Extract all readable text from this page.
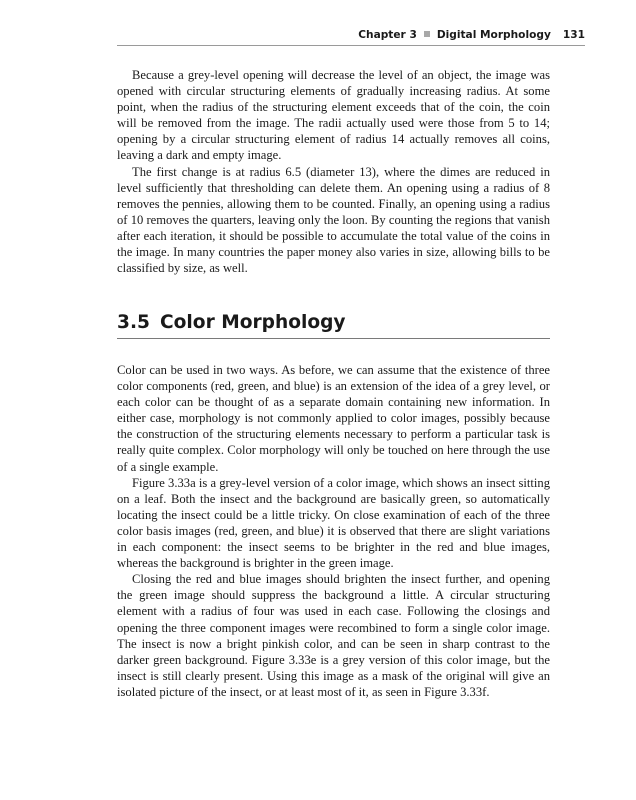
Chapter 3 Digital Morphology 131

Because a grey-level opening will decrease the level of an object, the image was opened with circular structuring elements of gradually increasing radius. At some point, when the radius of the structuring element exceeds that of the coin, the coin will be removed from the image. The radii actually used were those from 5 to 14; opening by a circular structuring element of radius 14 actually removes all coins, leaving a dark and empty image.

The first change is at radius 6.5 (diameter 13), where the dimes are reduced in level sufficiently that thresholding can delete them. An opening using a radius of 8 removes the pennies, allowing them to be counted. Finally, an opening using a radius of 10 removes the quarters, leaving only the loon. By counting the regions that vanish after each iteration, it should be possible to accumulate the total value of the coins in the image. In many countries the paper money also varies in size, allowing bills to be classified by size, as well.

3.5 Color Morphology

Color can be used in two ways. As before, we can assume that the existence of three color components (red, green, and blue) is an extension of the idea of a grey level, or each color can be thought of as a separate domain containing new information. In either case, morphology is not commonly applied to color images, possibly because the construction of the structuring elements necessary to perform a particular task is really quite complex. Color morphology will only be touched on here through the use of a single example.

Figure 3.33a is a grey-level version of a color image, which shows an insect sitting on a leaf. Both the insect and the background are basically green, so automatically locating the insect could be a little tricky. On close examination of each of the three color basis images (red, green, and blue) it is observed that there are slight variations in each component: the insect seems to be brighter in the red and blue images, whereas the background is brighter in the green image.

Closing the red and blue images should brighten the insect further, and opening the green image should suppress the background a little. A circular structuring element with a radius of four was used in each case. Following the closings and opening the three component images were recombined to form a single color image. The insect is now a bright pinkish color, and can be seen in sharp contrast to the darker green background. Figure 3.33e is a grey version of this color image, but the insect is still clearly present. Using this image as a mask of the original will give an isolated picture of the insect, or at least most of it, as seen in Figure 3.33f.
